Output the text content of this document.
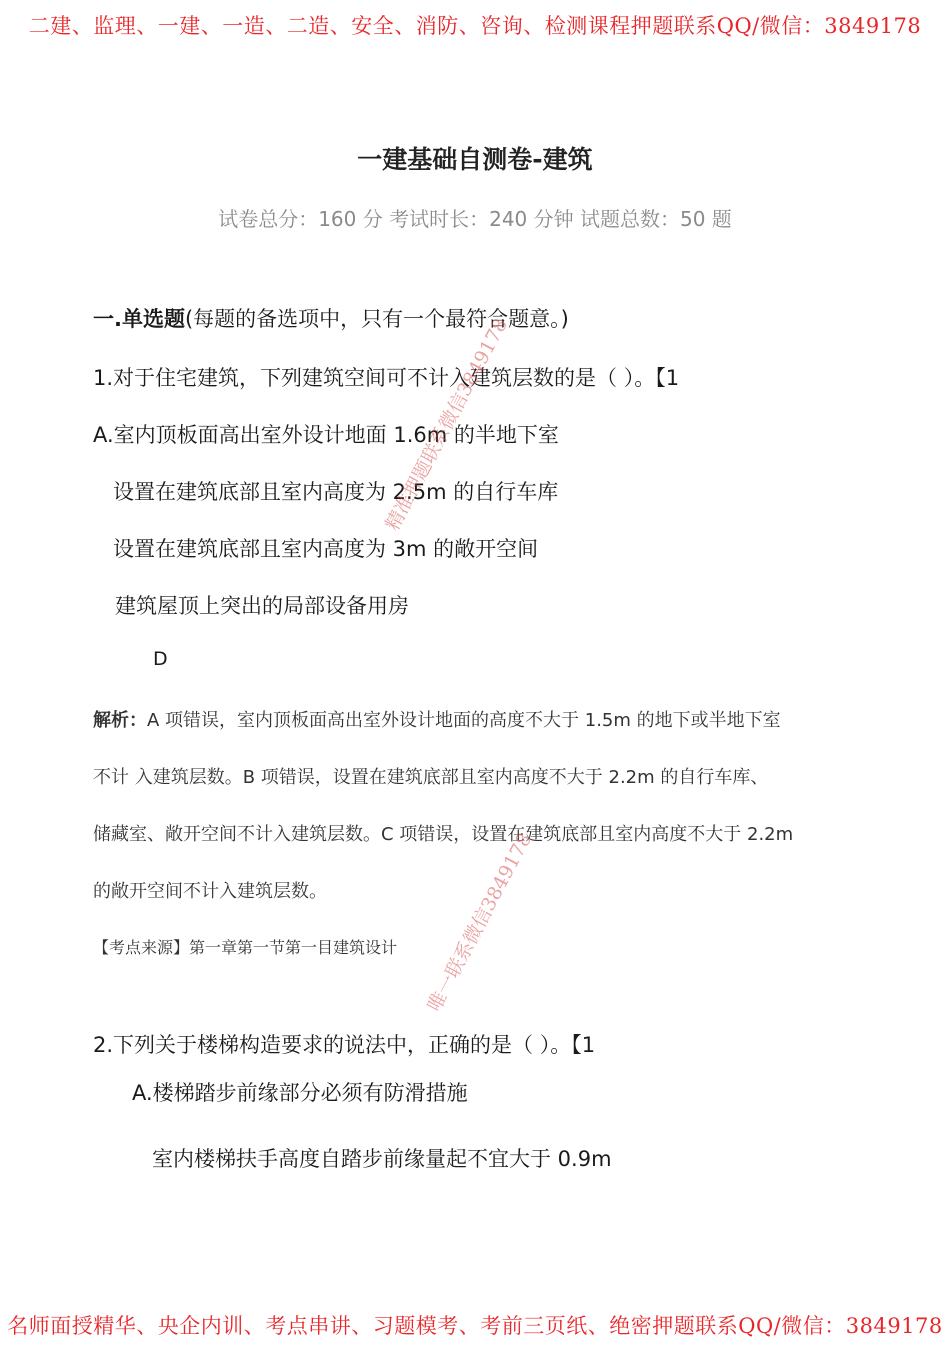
二建、监理、一建、一造、二造、安全、消防、咨询、检测课程押题联系QQ/微信：3849178
一建基础自测卷-建筑
试卷总分：160 分 考试时长：240 分钟 试题总数：50 题
一.单选题(每题的备选项中，只有一个最符合题意。)
1.对于住宅建筑，下列建筑空间可不计入建筑层数的是（ ）。【1
A.室内顶板面高出室外设计地面 1.6m 的半地下室
设置在建筑底部且室内高度为 2.5m 的自行车库
设置在建筑底部且室内高度为 3m 的敞开空间
建筑屋顶上突出的局部设备用房
D
解析：A 项错误，室内顶板面高出室外设计地面的高度不大于 1.5m 的地下或半地下室
不计 入建筑层数。B 项错误，设置在建筑底部且室内高度不大于 2.2m 的自行车库、
储藏室、敞开空间不计入建筑层数。C 项错误，设置在建筑底部且室内高度不大于 2.2m
的敞开空间不计入建筑层数。
【考点来源】第一章第一节第一目建筑设计
2.下列关于楼梯构造要求的说法中，正确的是（ ）。【1
A.楼梯踏步前缘部分必须有防滑措施
室内楼梯扶手高度自踏步前缘量起不宜大于 0.9m
精准押题联系微信3849178
唯一联系微信3849178
名师面授精华、央企内训、考点串讲、习题模考、考前三页纸、绝密押题联系QQ/微信：3849178
